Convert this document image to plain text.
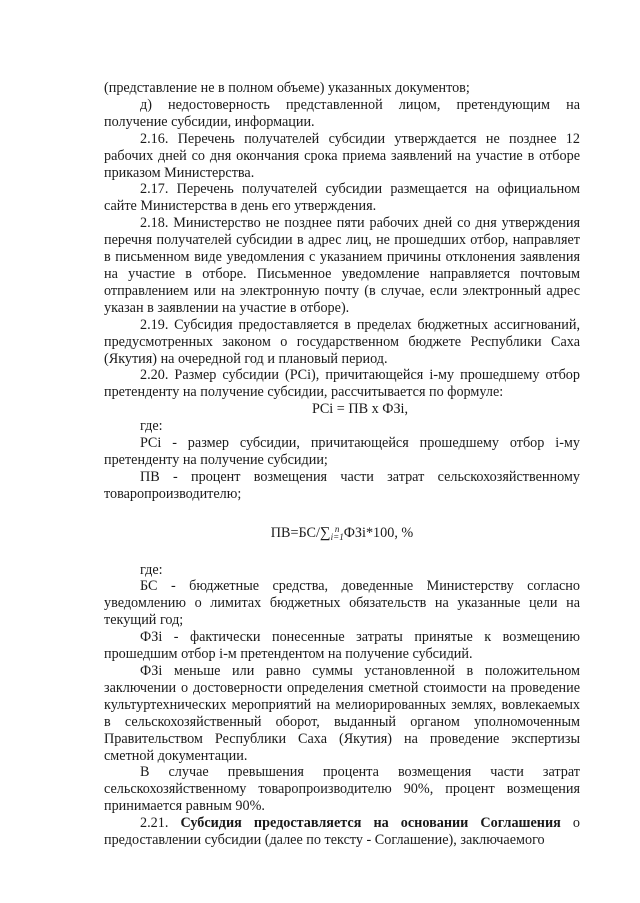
(представление не в полном объеме) указанных документов;

д) недостоверность представленной лицом, претендующим на получение субсидии, информации.

2.16. Перечень получателей субсидии утверждается не позднее 12 рабочих дней со дня окончания срока приема заявлений на участие в отборе приказом Министерства.

2.17. Перечень получателей субсидии размещается на официальном сайте Министерства в день его утверждения.

2.18. Министерство не позднее пяти рабочих дней со дня утверждения перечня получателей субсидии в адрес лиц, не прошедших отбор, направляет в письменном виде уведомления с указанием причины отклонения заявления на участие в отборе. Письменное уведомление направляется почтовым отправлением или на электронную почту (в случае, если электронный адрес указан в заявлении на участие в отборе).

2.19. Субсидия предоставляется в пределах бюджетных ассигнований, предусмотренных законом о государственном бюджете Республики Саха (Якутия) на очередной год и плановый период.

2.20. Размер субсидии (PCi), причитающейся i-му прошедшему отбор претенденту на получение субсидии, рассчитывается по формуле:

PCi = ПВ х ФЗi,

где:

PCi - размер субсидии, причитающейся прошедшему отбор i-му претенденту на получение субсидии;

ПВ - процент возмещения части затрат сельскохозяйственному товаропроизводителю;

ПВ=БС/∑ n
i=1 ФЗi*100, %

где:

БС - бюджетные средства, доведенные Министерству согласно уведомлению о лимитах бюджетных обязательств на указанные цели на текущий год;

ФЗi - фактически понесенные затраты принятые к возмещению прошедшим отбор i-м претендентом на получение субсидий.

ФЗi меньше или равно суммы установленной в положительном заключении о достоверности определения сметной стоимости на проведение культуртехнических мероприятий на мелиорированных землях, вовлекаемых в сельскохозяйственный оборот, выданный органом уполномоченным Правительством Республики Саха (Якутия) на проведение экспертизы сметной документации.

В случае превышения процента возмещения части затрат сельскохозяйственному товаропроизводителю 90%, процент возмещения принимается равным 90%.

2.21. Субсидия предоставляется на основании Соглашения о предоставлении субсидии (далее по тексту - Соглашение), заключаемого
